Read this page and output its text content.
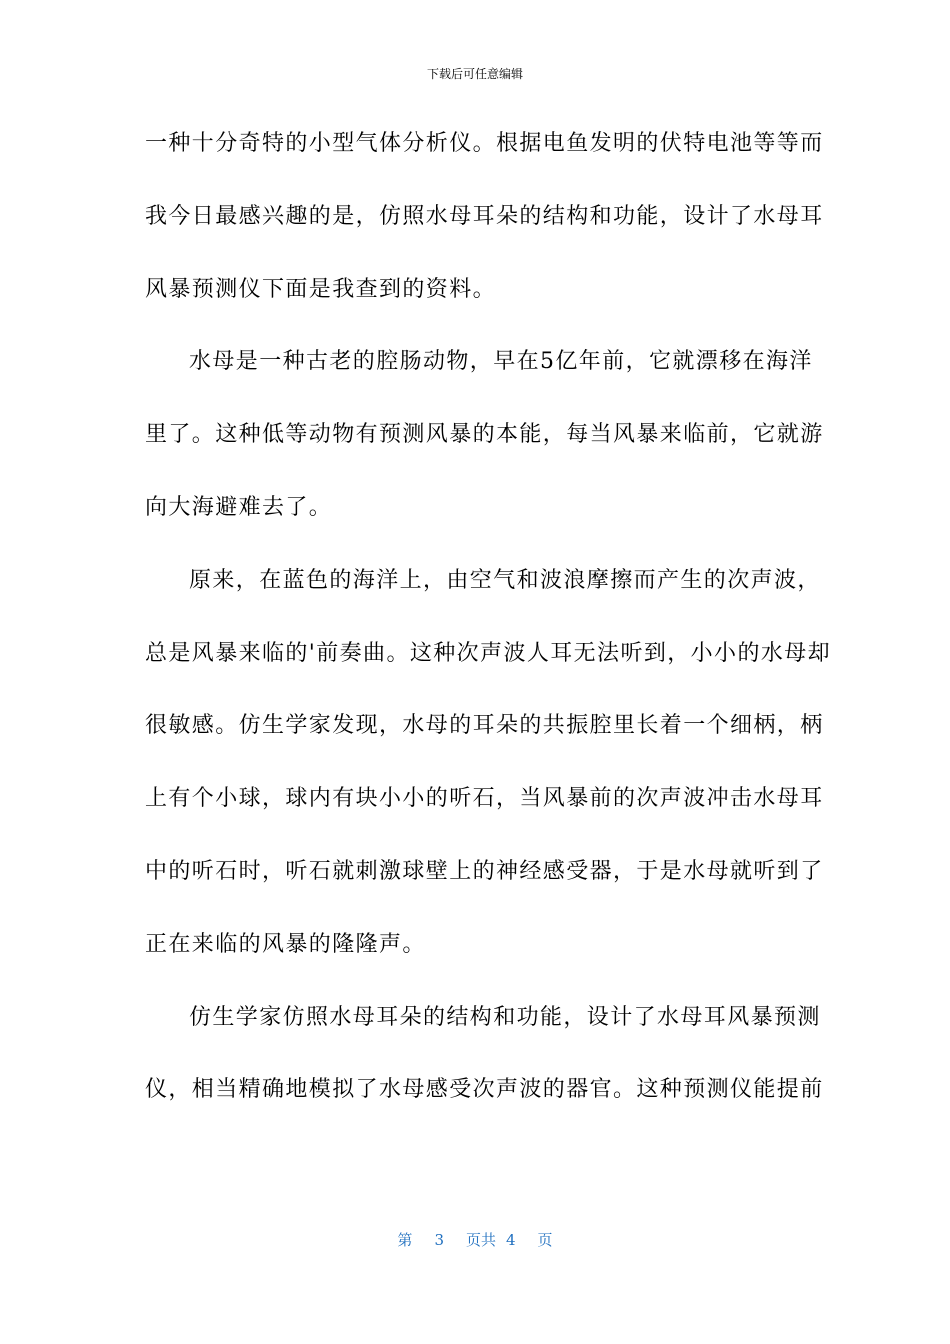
下载后可任意编辑
一种十分奇特的小型气体分析仪。根据电鱼发明的伏特电池等等而
我今日最感兴趣的是，仿照水母耳朵的结构和功能，设计了水母耳
风暴预测仪下面是我查到的资料。
水母是一种古老的腔肠动物，早在5亿年前，它就漂移在海洋
里了。这种低等动物有预测风暴的本能，每当风暴来临前，它就游
向大海避难去了。
原来，在蓝色的海洋上，由空气和波浪摩擦而产生的次声波，
总是风暴来临的'前奏曲。这种次声波人耳无法听到，小小的水母却
很敏感。仿生学家发现，水母的耳朵的共振腔里长着一个细柄，柄
上有个小球，球内有块小小的听石，当风暴前的次声波冲击水母耳
中的听石时，听石就刺激球壁上的神经感受器，于是水母就听到了
正在来临的风暴的隆隆声。
仿生学家仿照水母耳朵的结构和功能，设计了水母耳风暴预测
仪，相当精确地模拟了水母感受次声波的器官。这种预测仪能提前
第 3 页共 4 页
